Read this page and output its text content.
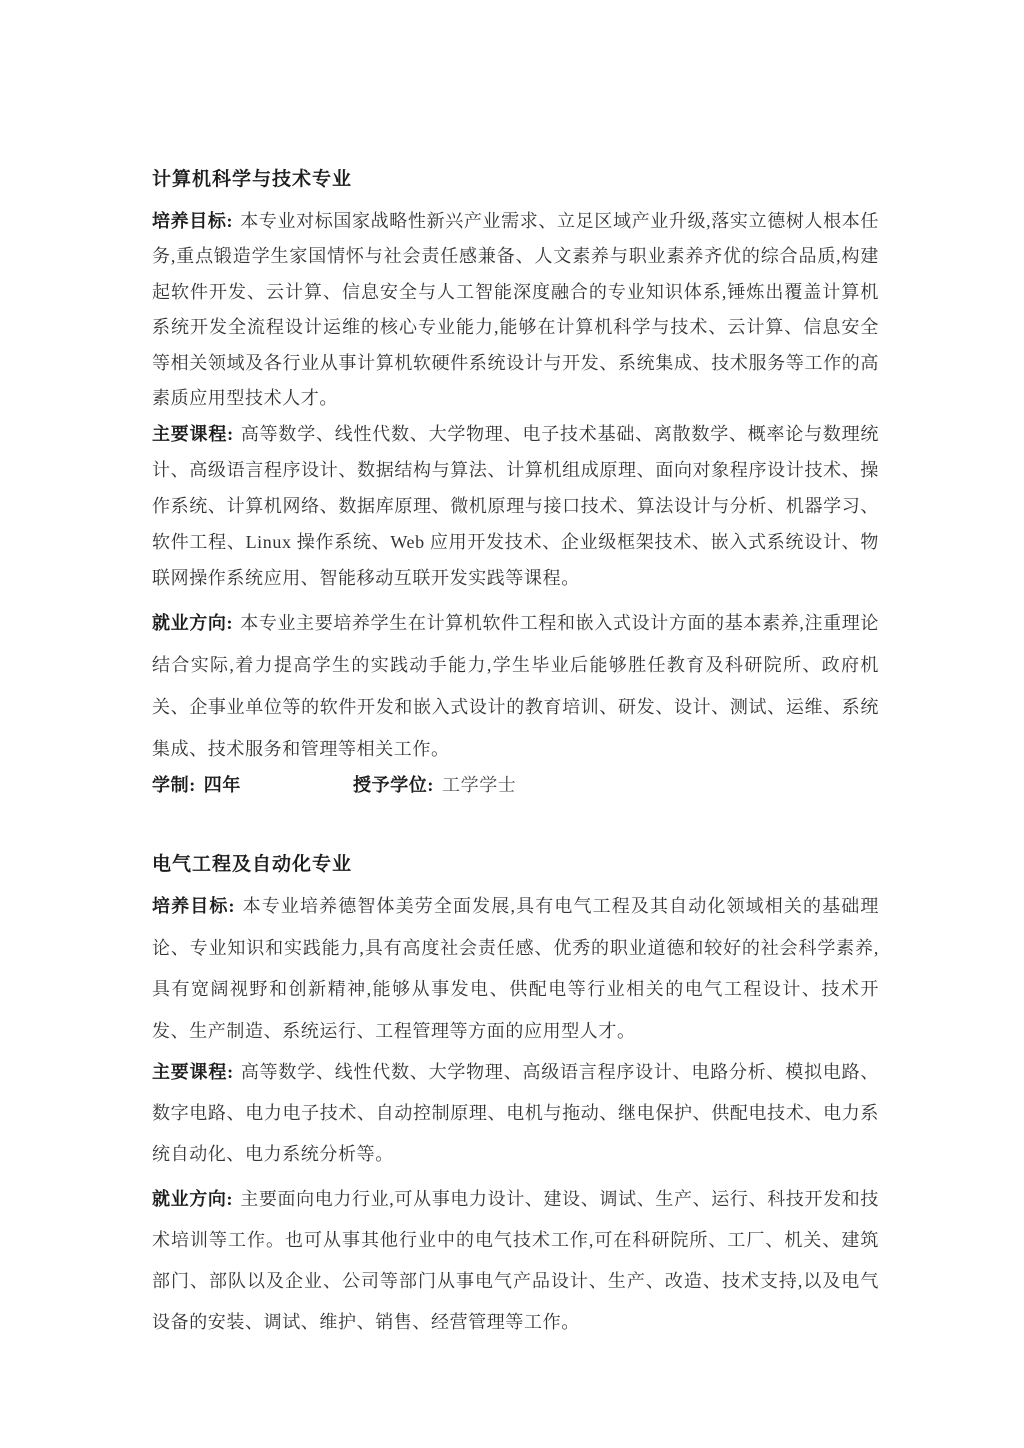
计算机科学与技术专业

培养目标: 本专业对标国家战略性新兴产业需求、立足区域产业升级,落实立德树人根本任务,重点锻造学生家国情怀与社会责任感兼备、人文素养与职业素养齐优的综合品质,构建起软件开发、云计算、信息安全与人工智能深度融合的专业知识体系,锤炼出覆盖计算机系统开发全流程设计运维的核心专业能力,能够在计算机科学与技术、云计算、信息安全等相关领域及各行业从事计算机软硬件系统设计与开发、系统集成、技术服务等工作的高素质应用型技术人才。

主要课程: 高等数学、线性代数、大学物理、电子技术基础、离散数学、概率论与数理统计、高级语言程序设计、数据结构与算法、计算机组成原理、面向对象程序设计技术、操作系统、计算机网络、数据库原理、微机原理与接口技术、算法设计与分析、机器学习、软件工程、Linux 操作系统、Web 应用开发技术、企业级框架技术、嵌入式系统设计、物联网操作系统应用、智能移动互联开发实践等课程。

就业方向: 本专业主要培养学生在计算机软件工程和嵌入式设计方面的基本素养,注重理论结合实际,着力提高学生的实践动手能力,学生毕业后能够胜任教育及科研院所、政府机关、企事业单位等的软件开发和嵌入式设计的教育培训、研发、设计、测试、运维、系统集成、技术服务和管理等相关工作。

学制: 四年	授予学位: 工学学士
电气工程及自动化专业

培养目标: 本专业培养德智体美劳全面发展,具有电气工程及其自动化领域相关的基础理论、专业知识和实践能力,具有高度社会责任感、优秀的职业道德和较好的社会科学素养,具有宽阔视野和创新精神,能够从事发电、供配电等行业相关的电气工程设计、技术开发、生产制造、系统运行、工程管理等方面的应用型人才。

主要课程: 高等数学、线性代数、大学物理、高级语言程序设计、电路分析、模拟电路、数字电路、电力电子技术、自动控制原理、电机与拖动、继电保护、供配电技术、电力系统自动化、电力系统分析等。

就业方向: 主要面向电力行业,可从事电力设计、建设、调试、生产、运行、科技开发和技术培训等工作。也可从事其他行业中的电气技术工作,可在科研院所、工厂、机关、建筑部门、部队以及企业、公司等部门从事电气产品设计、生产、改造、技术支持,以及电气设备的安装、调试、维护、销售、经营管理等工作。
